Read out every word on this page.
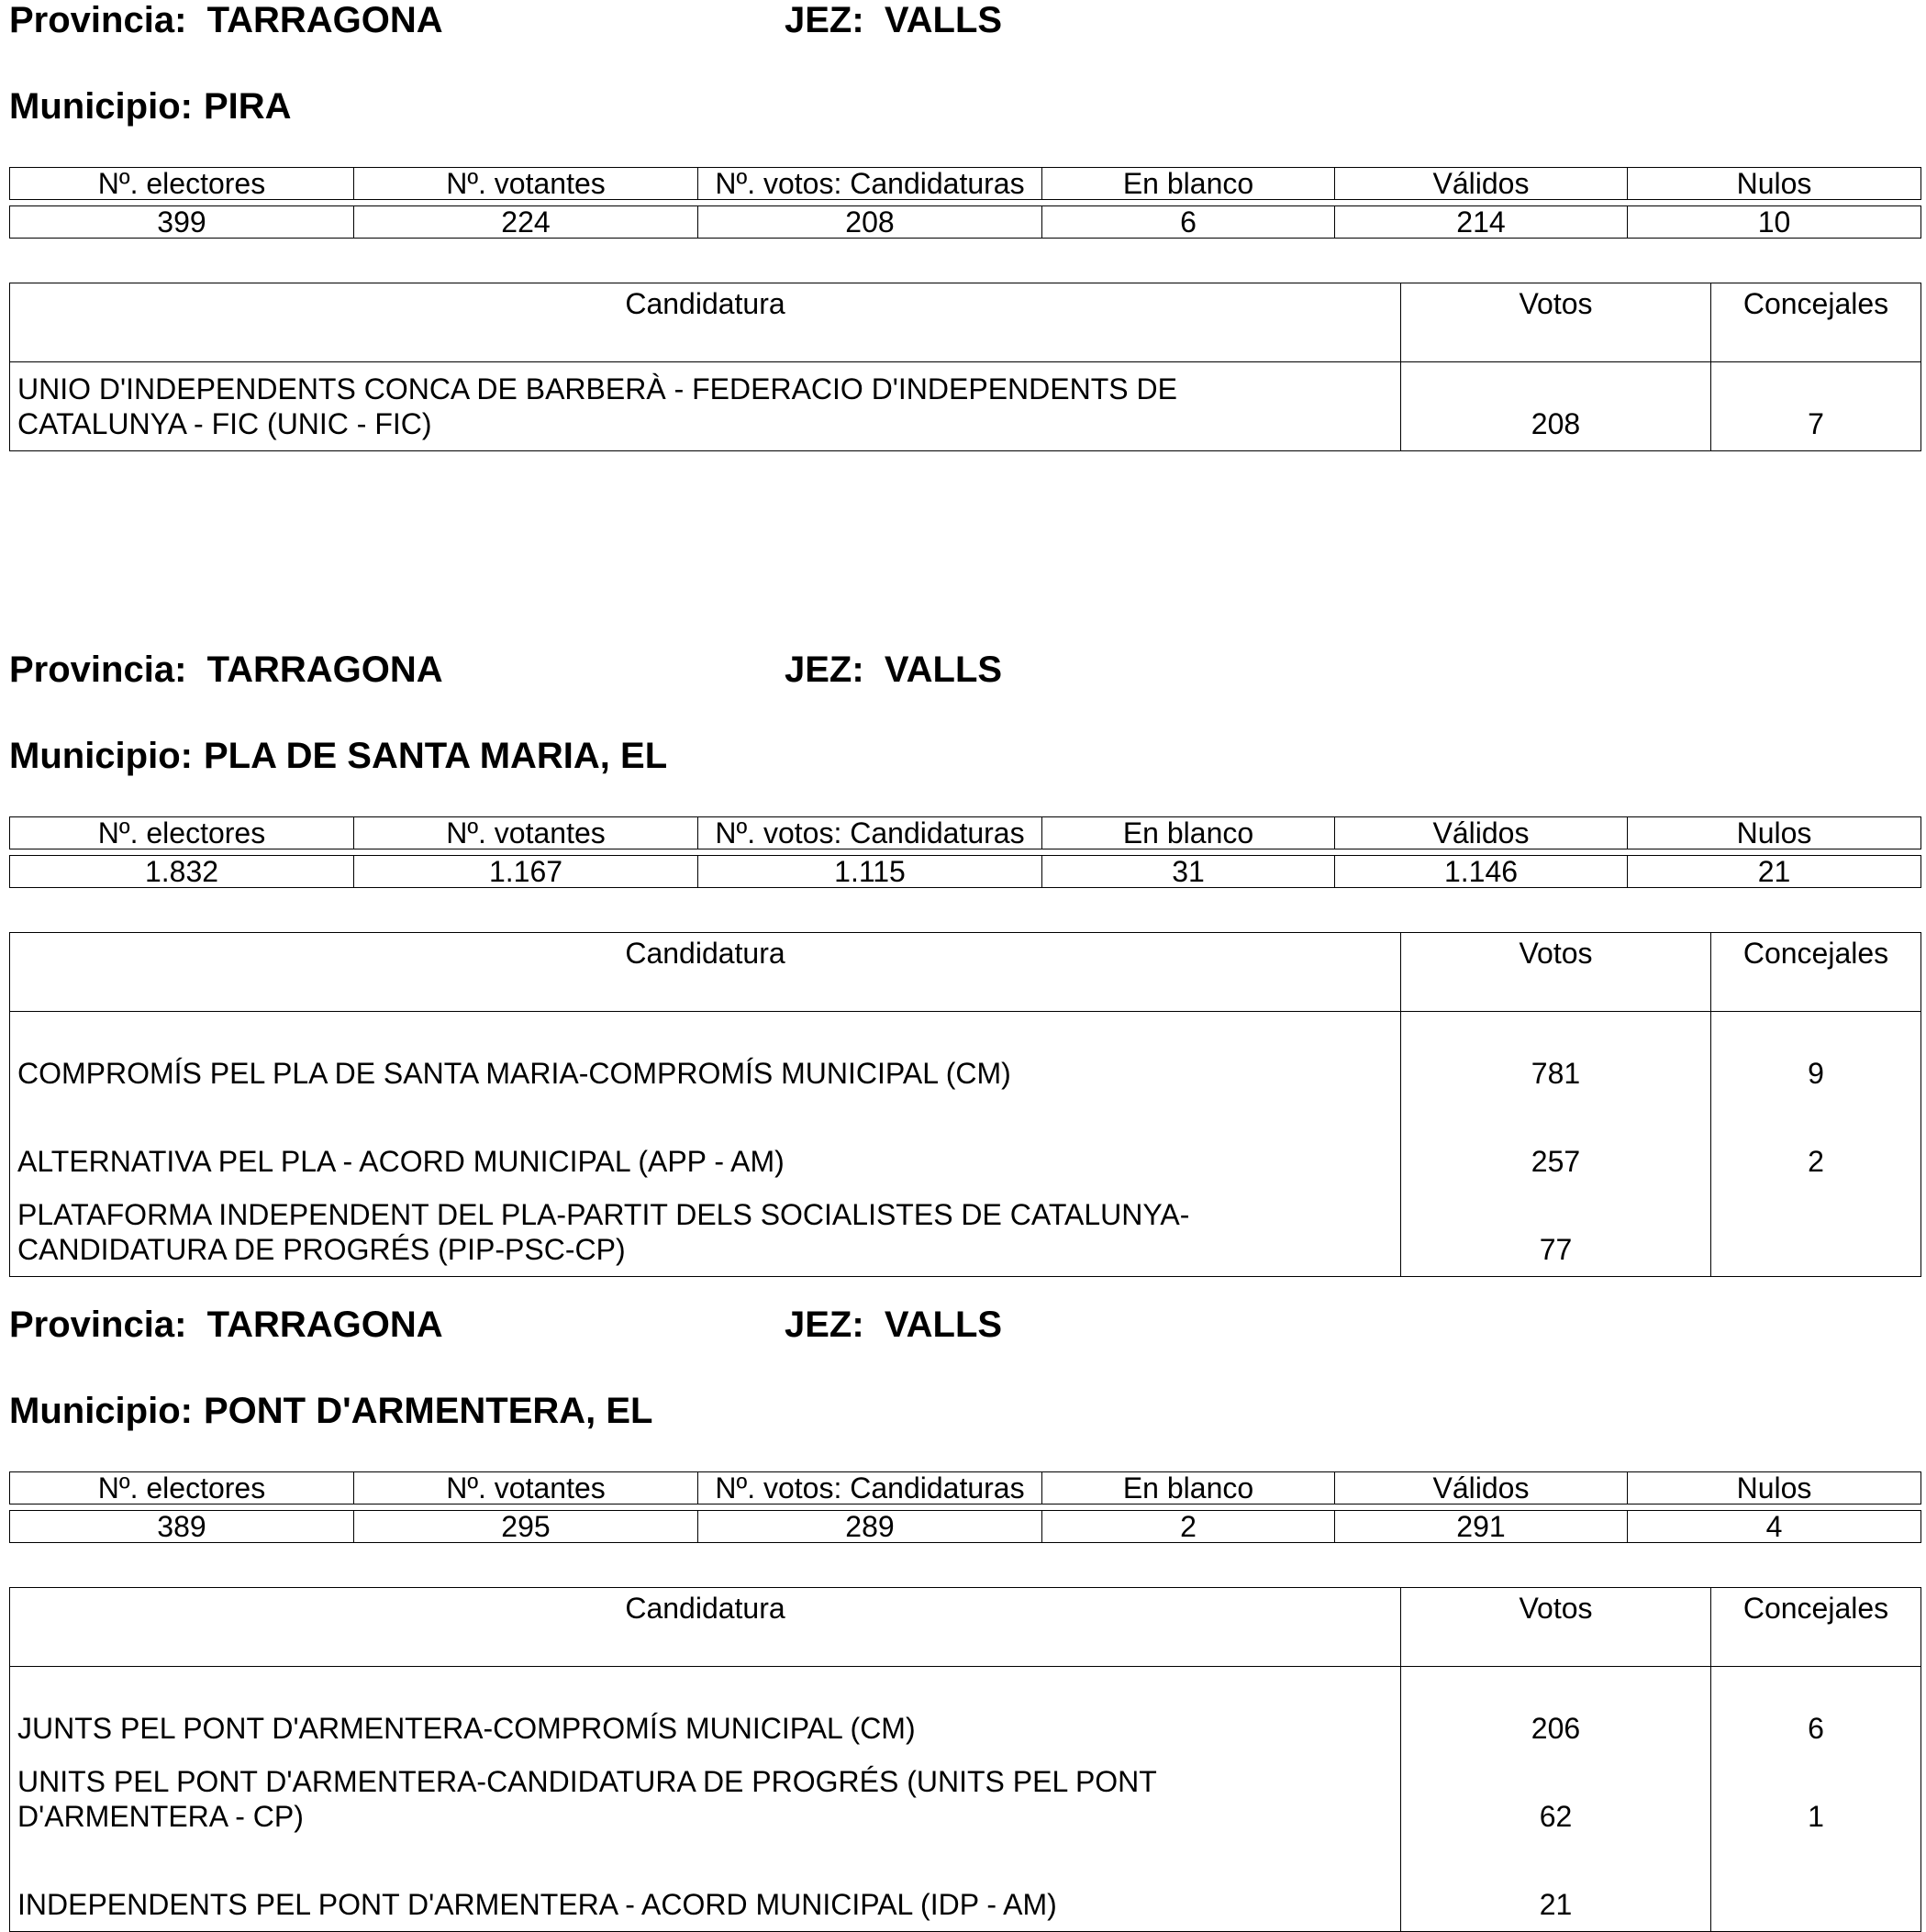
Provincia: TARRAGONA	JEZ: VALLS
Municipio: PIRA
Nº. electores	Nº. votantes	Nº. votos: Candidaturas	En blanco	Válidos	Nulos

399	224	208	6	214	10
Candidatura	Votos	Concejales
UNIO D'INDEPENDENTS CONCA DE BARBERÀ - FEDERACIO D'INDEPENDENTS DE
CATALUNYA - FIC (UNIC - FIC)	208	7
Provincia: TARRAGONA	JEZ: VALLS
Municipio: PLA DE SANTA MARIA, EL
Nº. electores	Nº. votantes	Nº. votos: Candidaturas	En blanco	Válidos	Nulos

1.832	1.167	1.115	31	1.146	21
Candidatura	Votos	Concejales
COMPROMÍS PEL PLA DE SANTA MARIA-COMPROMÍS MUNICIPAL (CM)	781	9
ALTERNATIVA PEL PLA - ACORD MUNICIPAL (APP - AM)	257	2
PLATAFORMA INDEPENDENT DEL PLA-PARTIT DELS SOCIALISTES DE CATALUNYA-
CANDIDATURA DE PROGRÉS (PIP-PSC-CP)	77	
Provincia: TARRAGONA	JEZ: VALLS
Municipio: PONT D'ARMENTERA, EL
Nº. electores	Nº. votantes	Nº. votos: Candidaturas	En blanco	Válidos	Nulos

389	295	289	2	291	4
Candidatura	Votos	Concejales
JUNTS PEL PONT D'ARMENTERA-COMPROMÍS MUNICIPAL (CM)	206	6
UNITS PEL PONT D'ARMENTERA-CANDIDATURA DE PROGRÉS (UNITS PEL PONT
D'ARMENTERA - CP)	62	1
INDEPENDENTS PEL PONT D'ARMENTERA - ACORD MUNICIPAL (IDP - AM)	21	
